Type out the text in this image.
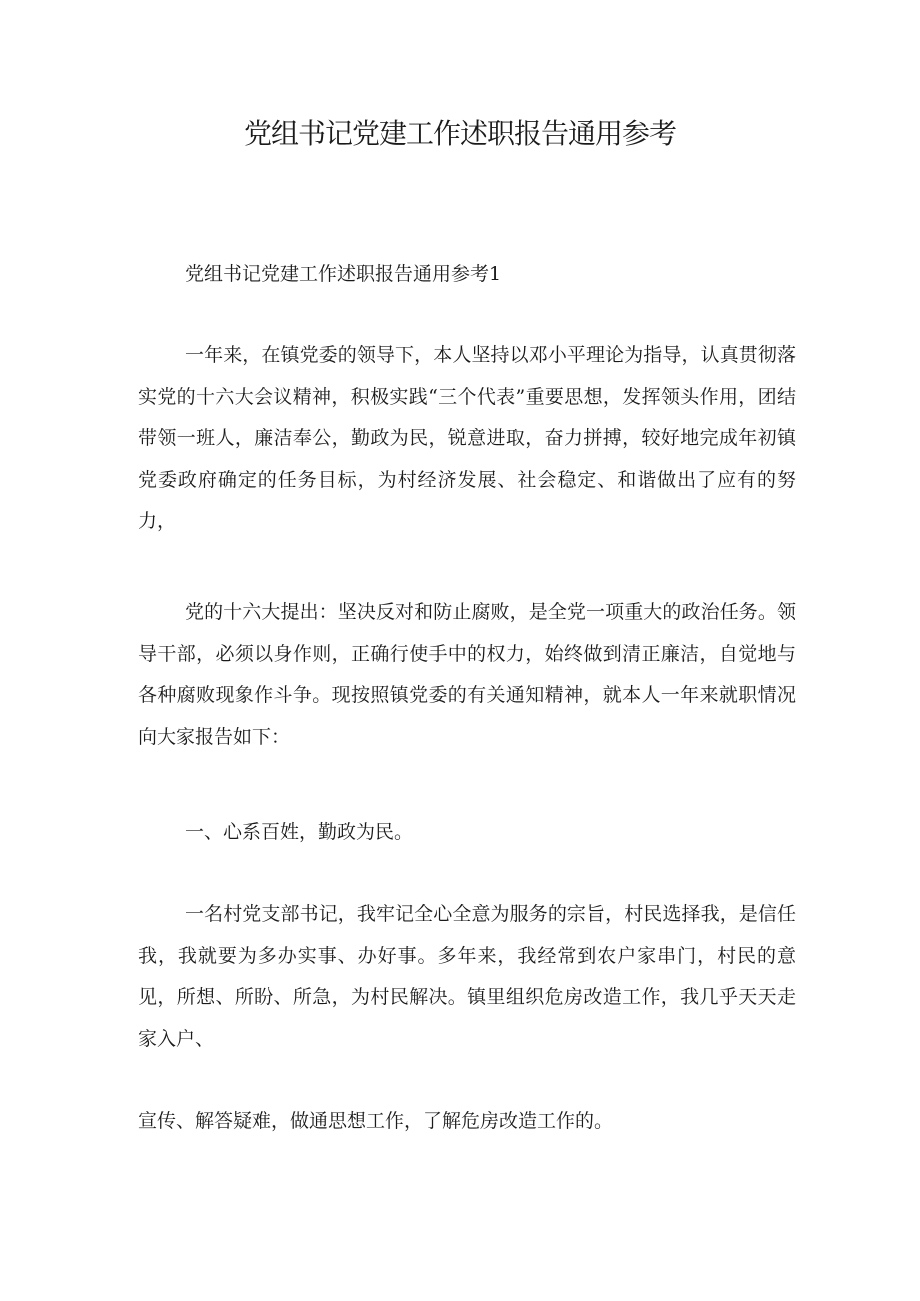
党组书记党建工作述职报告通用参考

党组书记党建工作述职报告通用参考1

一年来，在镇党委的领导下，本人坚持以邓小平理论为指导，认真贯彻落实党的十六大会议精神，积极实践“三个代表”重要思想，发挥领头作用，团结带领一班人，廉洁奉公，勤政为民，锐意进取，奋力拼搏，较好地完成年初镇党委政府确定的任务目标，为村经济发展、社会稳定、和谐做出了应有的努力，

党的十六大提出：坚决反对和防止腐败，是全党一项重大的政治任务。领导干部，必须以身作则，正确行使手中的权力，始终做到清正廉洁，自觉地与各种腐败现象作斗争。现按照镇党委的有关通知精神，就本人一年来就职情况向大家报告如下：

一、心系百姓，勤政为民。

一名村党支部书记，我牢记全心全意为服务的宗旨，村民选择我，是信任我，我就要为多办实事、办好事。多年来，我经常到农户家串门，村民的意见，所想、所盼、所急，为村民解决。镇里组织危房改造工作，我几乎天天走家入户、

宣传、解答疑难，做通思想工作，了解危房改造工作的。
